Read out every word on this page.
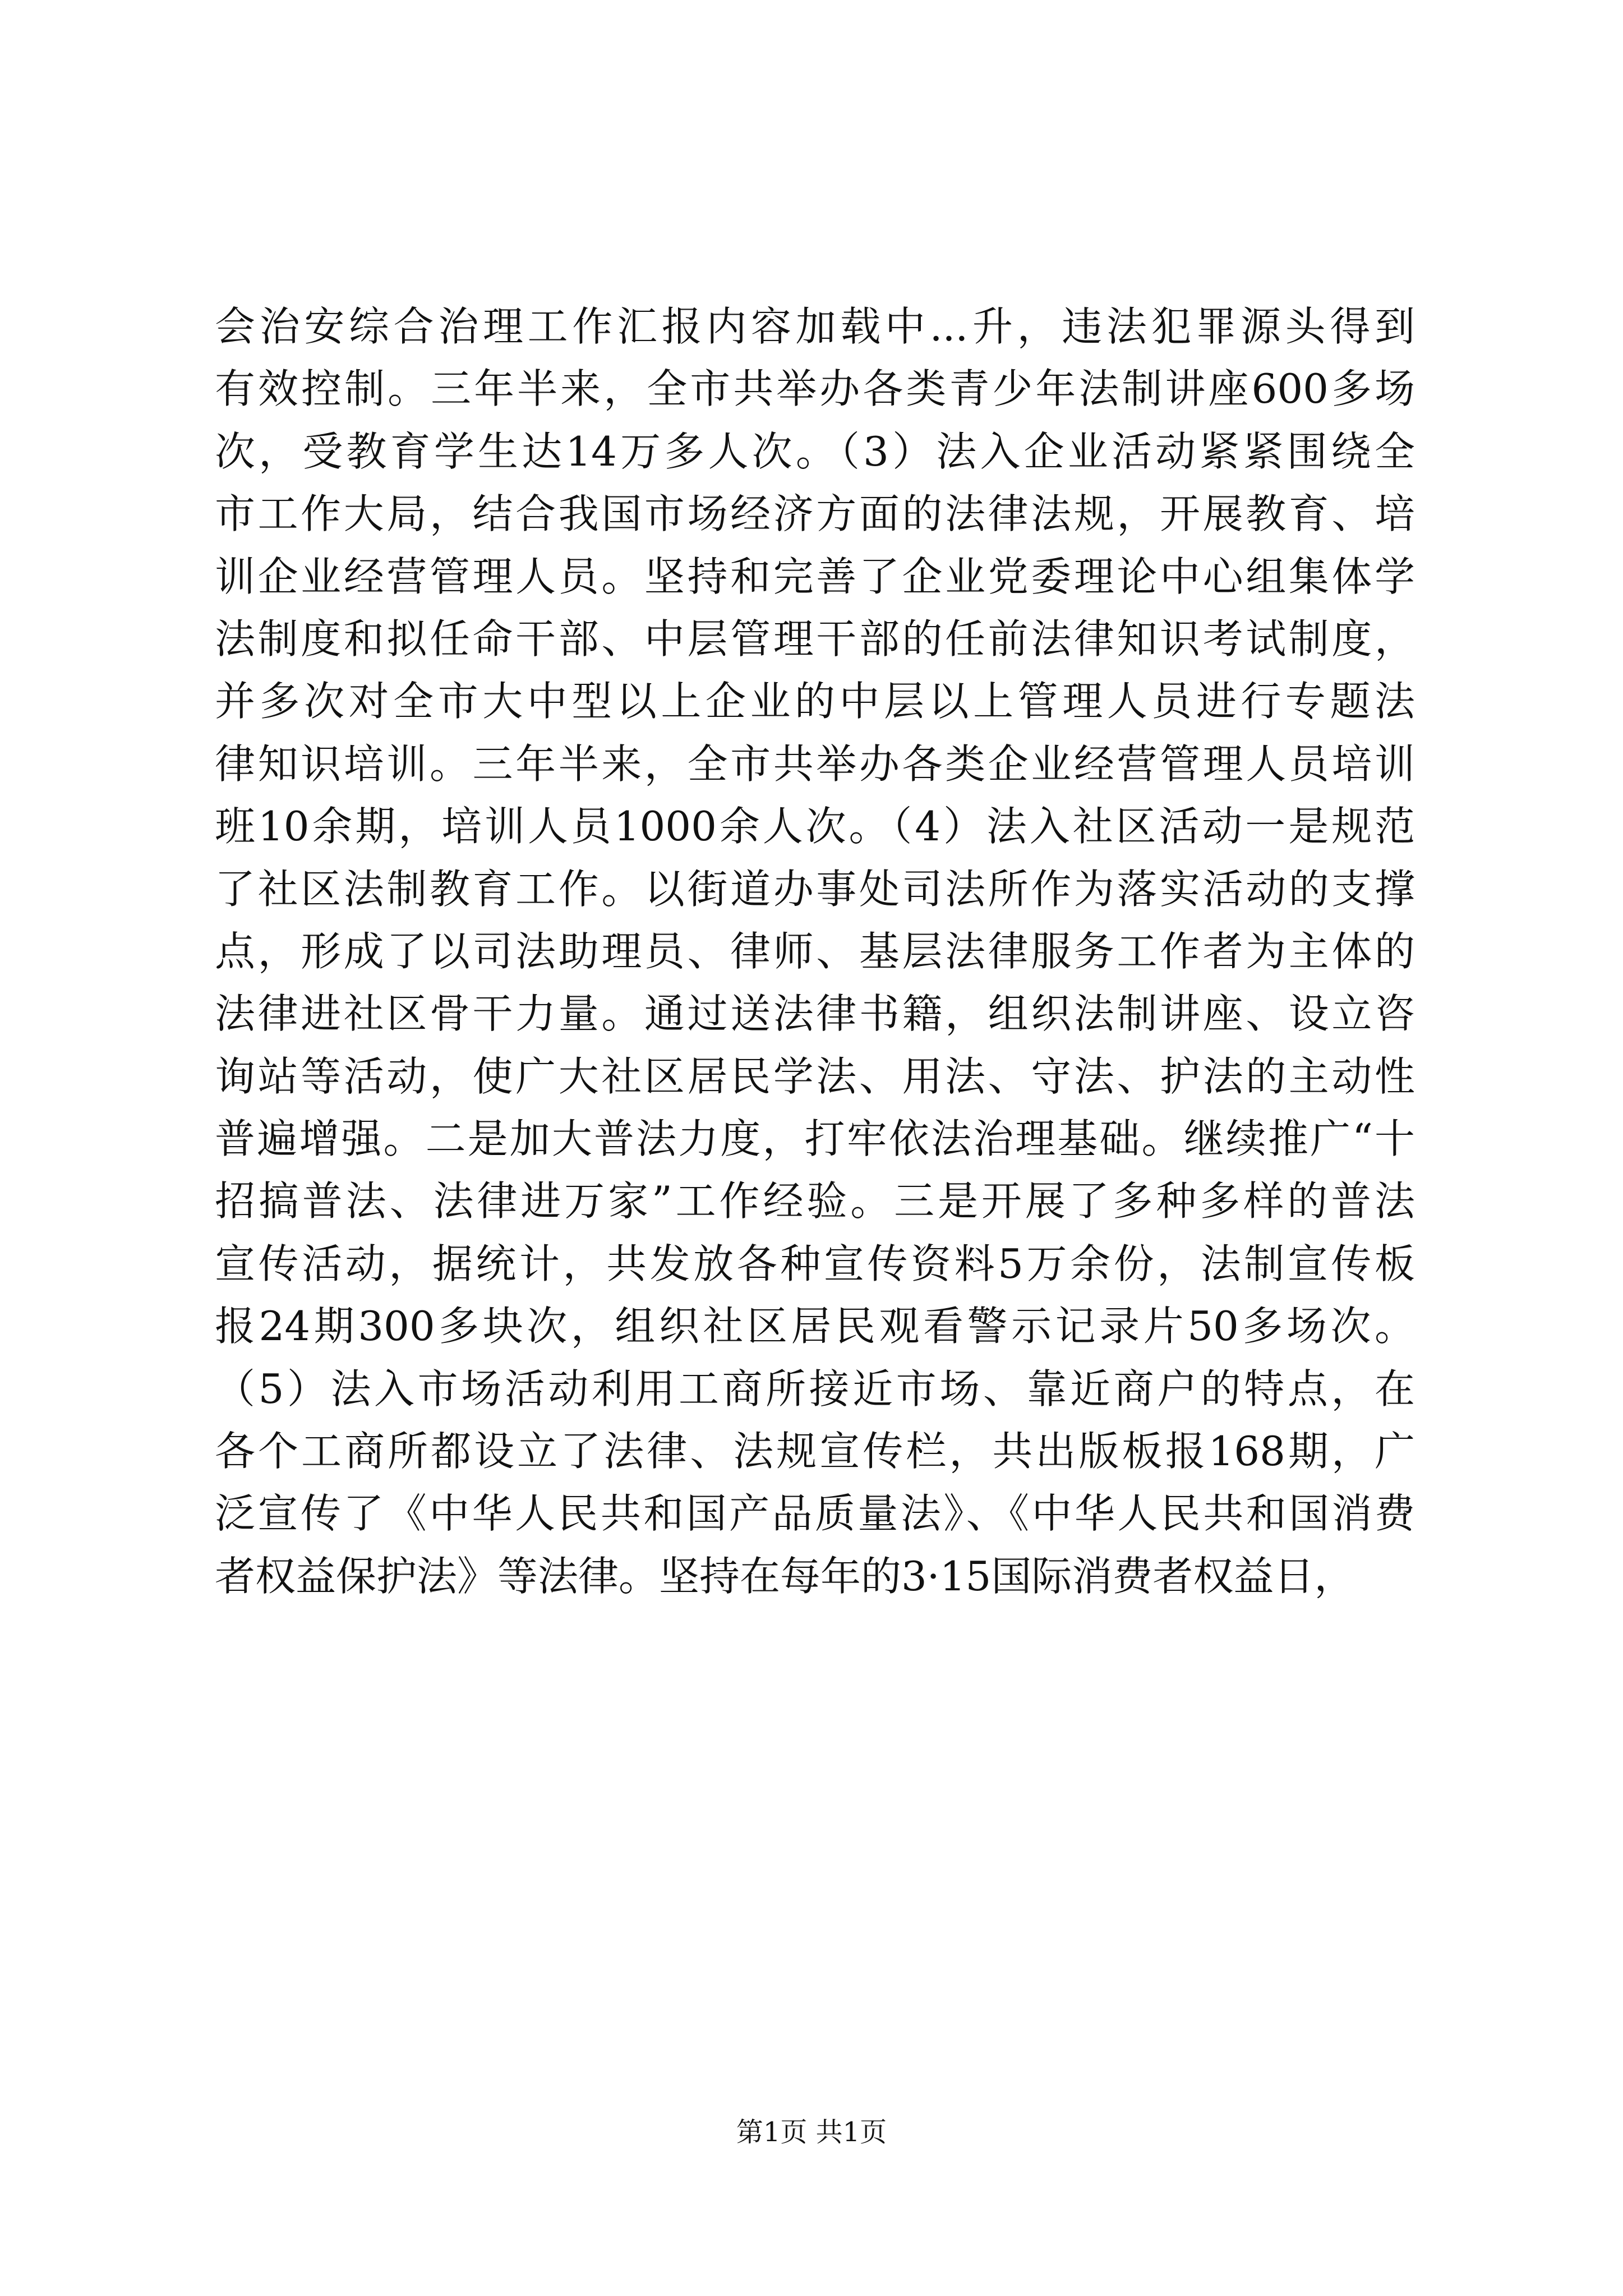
会治安综合治理工作汇报内容加载中...升，违法犯罪源头得到
有效控制。三年半来，全市共举办各类青少年法制讲座600多场
次，受教育学生达14万多人次。（3）法入企业活动紧紧围绕全
市工作大局，结合我国市场经济方面的法律法规，开展教育、培
训企业经营管理人员。坚持和完善了企业党委理论中心组集体学
法制度和拟任命干部、中层管理干部的任前法律知识考试制度，
并多次对全市大中型以上企业的中层以上管理人员进行专题法
律知识培训。三年半来，全市共举办各类企业经营管理人员培训
班10余期，培训人员1000余人次。（4）法入社区活动一是规范
了社区法制教育工作。以街道办事处司法所作为落实活动的支撑
点，形成了以司法助理员、律师、基层法律服务工作者为主体的
法律进社区骨干力量。通过送法律书籍，组织法制讲座、设立咨
询站等活动，使广大社区居民学法、用法、守法、护法的主动性
普遍增强。二是加大普法力度，打牢依法治理基础。继续推广“十
招搞普法、法律进万家”工作经验。三是开展了多种多样的普法
宣传活动，据统计，共发放各种宣传资料5万余份，法制宣传板
报24期300多块次，组织社区居民观看警示记录片50多场次。
（5）法入市场活动利用工商所接近市场、靠近商户的特点，在
各个工商所都设立了法律、法规宣传栏，共出版板报168期，广
泛宣传了《中华人民共和国产品质量法》、《中华人民共和国消费
者权益保护法》等法律。坚持在每年的3·15国际消费者权益日，
第1页 共1页
